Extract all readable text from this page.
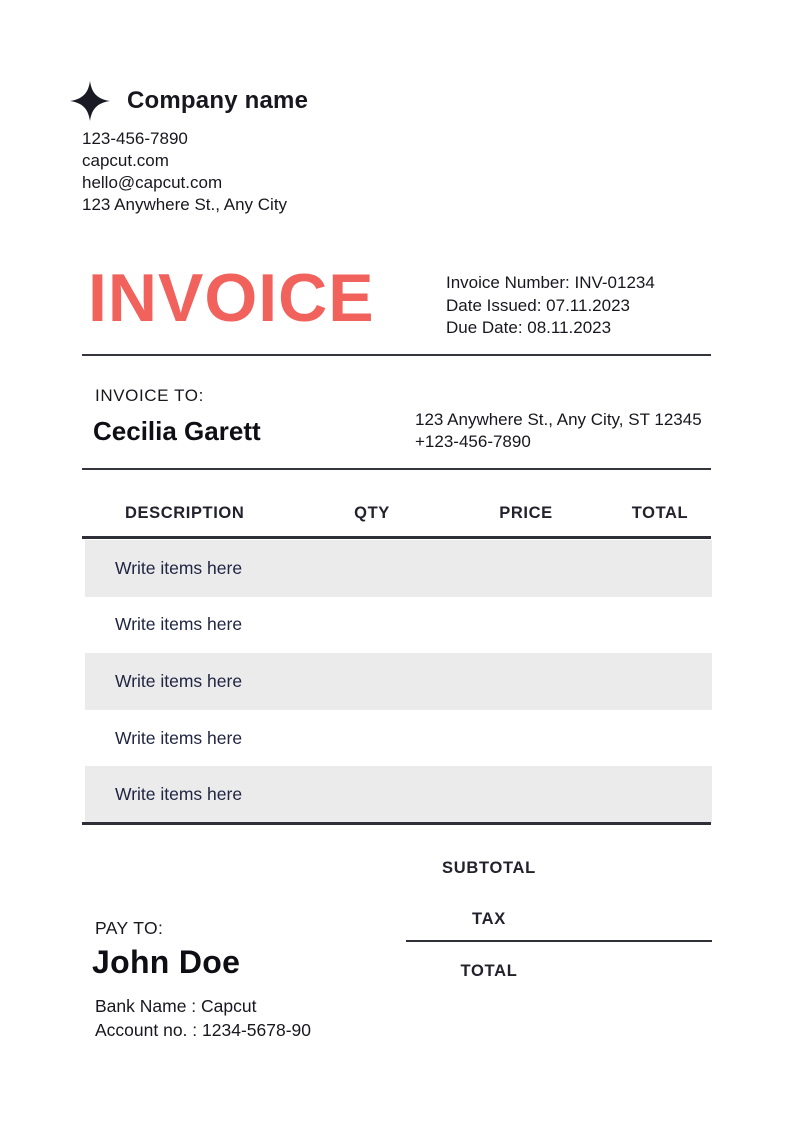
Company name
123-456-7890
capcut.com
hello@capcut.com
123 Anywhere St., Any City
INVOICE	Invoice Number: INV-01234
Date Issued: 07.11.2023
Due Date: 08.11.2023
INVOICE TO:
Cecilia Garett	123 Anywhere St., Any City, ST 12345
+123-456-7890
DESCRIPTION	QTY	PRICE	TOTAL
Write items here
Write items here
Write items here
Write items here
Write items here
SUBTOTAL
TAX
TOTAL
PAY TO:
John Doe
Bank Name : Capcut
Account no. : 1234-5678-90
